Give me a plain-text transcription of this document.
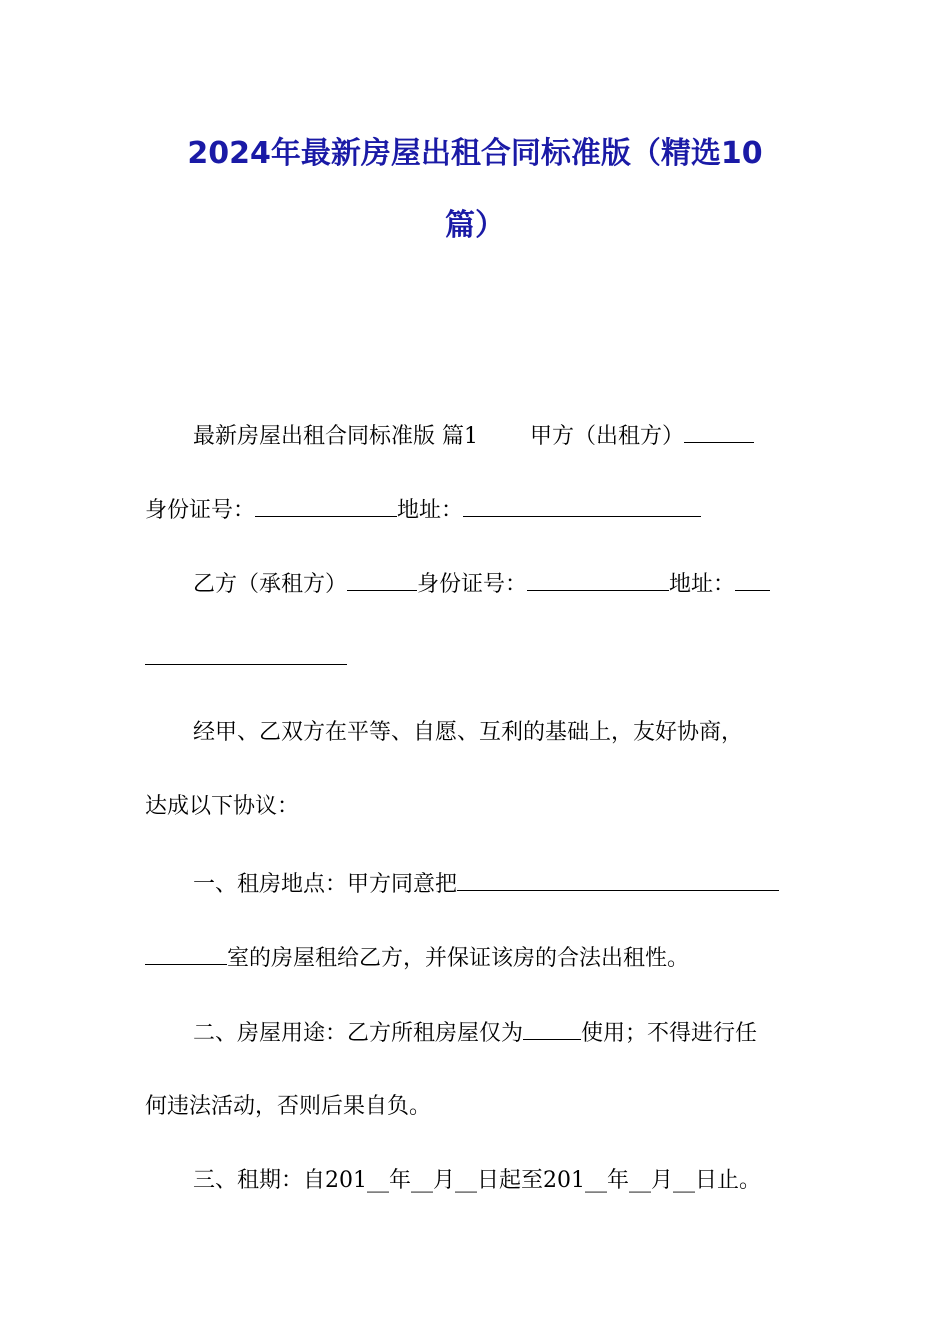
2024年最新房屋出租合同标准版（精选10
篇）
最新房屋出租合同标准版 篇1 甲方（出租方）
身份证号：	地址：
乙方（承租方）	身份证号：	地址：
经甲、乙双方在平等、自愿、互利的基础上，友好协商，
达成以下协议：
一、租房地点：甲方同意把
室的房屋租给乙方，并保证该房的合法出租性。
二、房屋用途：乙方所租房屋仅为	使用；不得进行任
何违法活动，否则后果自负。
三、租期：自201__年__月__日起至201__年__月__日止。
